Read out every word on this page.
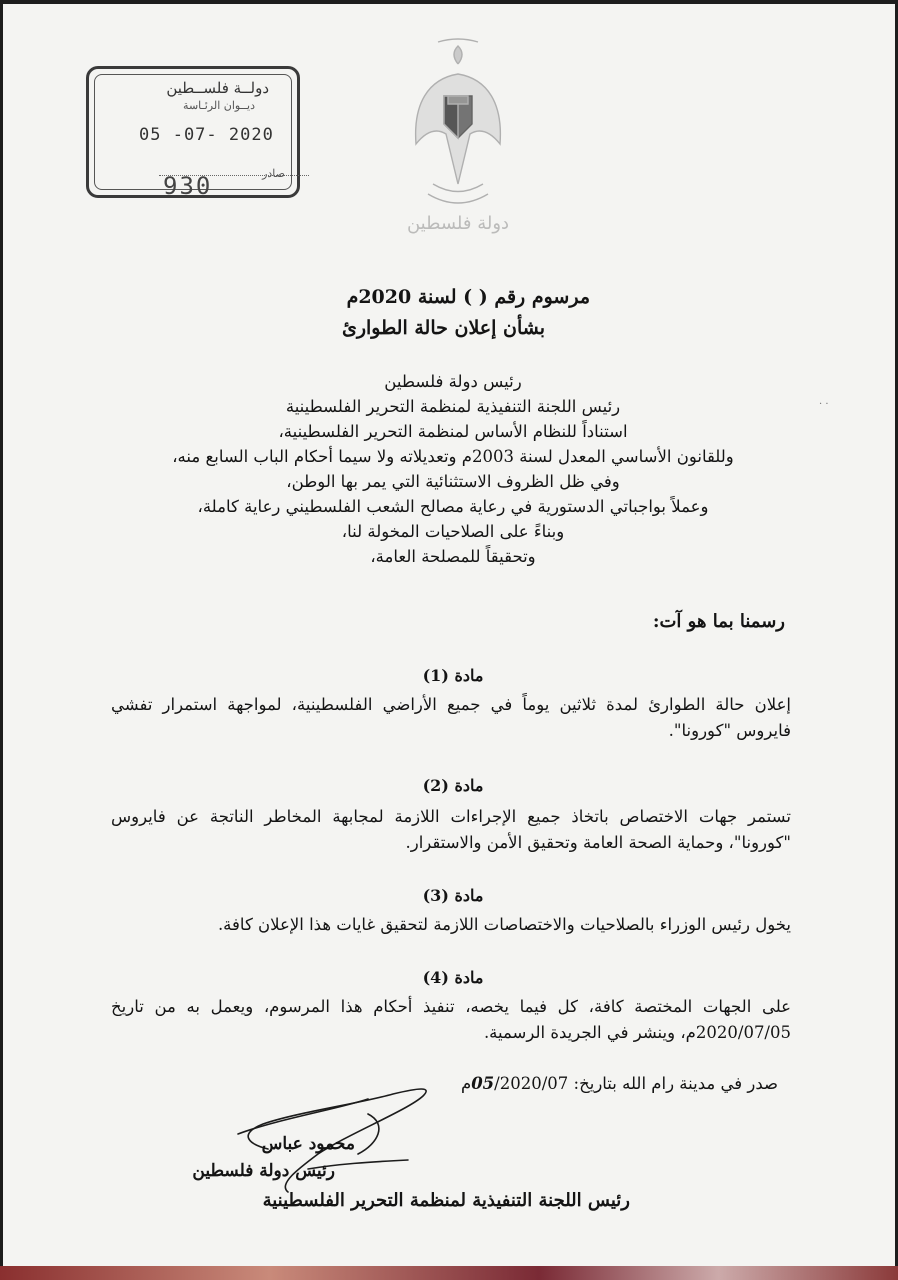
دولــة فلســطين
ديــوان الرئـاسة
05 -07- 2020
صادر
930
دولة فلسطين
مرسوم رقم ( ) لسنة 2020م
بشأن إعلان حالة الطوارئ
رئيس دولة فلسطين
رئيس اللجنة التنفيذية لمنظمة التحرير الفلسطينية
استناداً للنظام الأساس لمنظمة التحرير الفلسطينية،
وللقانون الأساسي المعدل لسنة 2003م وتعديلاته ولا سيما أحكام الباب السابع منه،
وفي ظل الظروف الاستثنائية التي يمر بها الوطن،
وعملاً بواجباتي الدستورية في رعاية مصالح الشعب الفلسطيني رعاية كاملة،
وبناءً على الصلاحيات المخولة لنا،
وتحقيقاً للمصلحة العامة،
· ·
رسمنا بما هو آت:
مادة (1)
إعلان حالة الطوارئ لمدة ثلاثين يوماً في جميع الأراضي الفلسطينية، لمواجهة استمرار تفشي فايروس "كورونا".
مادة (2)
تستمر جهات الاختصاص باتخاذ جميع الإجراءات اللازمة لمجابهة المخاطر الناتجة عن فايروس "كورونا"، وحماية الصحة العامة وتحقيق الأمن والاستقرار.
مادة (3)
يخول رئيس الوزراء بالصلاحيات والاختصاصات اللازمة لتحقيق غايات هذا الإعلان كافة.
مادة (4)
على الجهات المختصة كافة، كل فيما يخصه، تنفيذ أحكام هذا المرسوم، ويعمل به من تاريخ 2020/07/05م، وينشر في الجريدة الرسمية.
صدر في مدينة رام الله بتاريخ: 05/2020/07م
محمود عباس
رئيس دولة فلسطين
رئيس اللجنة التنفيذية لمنظمة التحرير الفلسطينية
